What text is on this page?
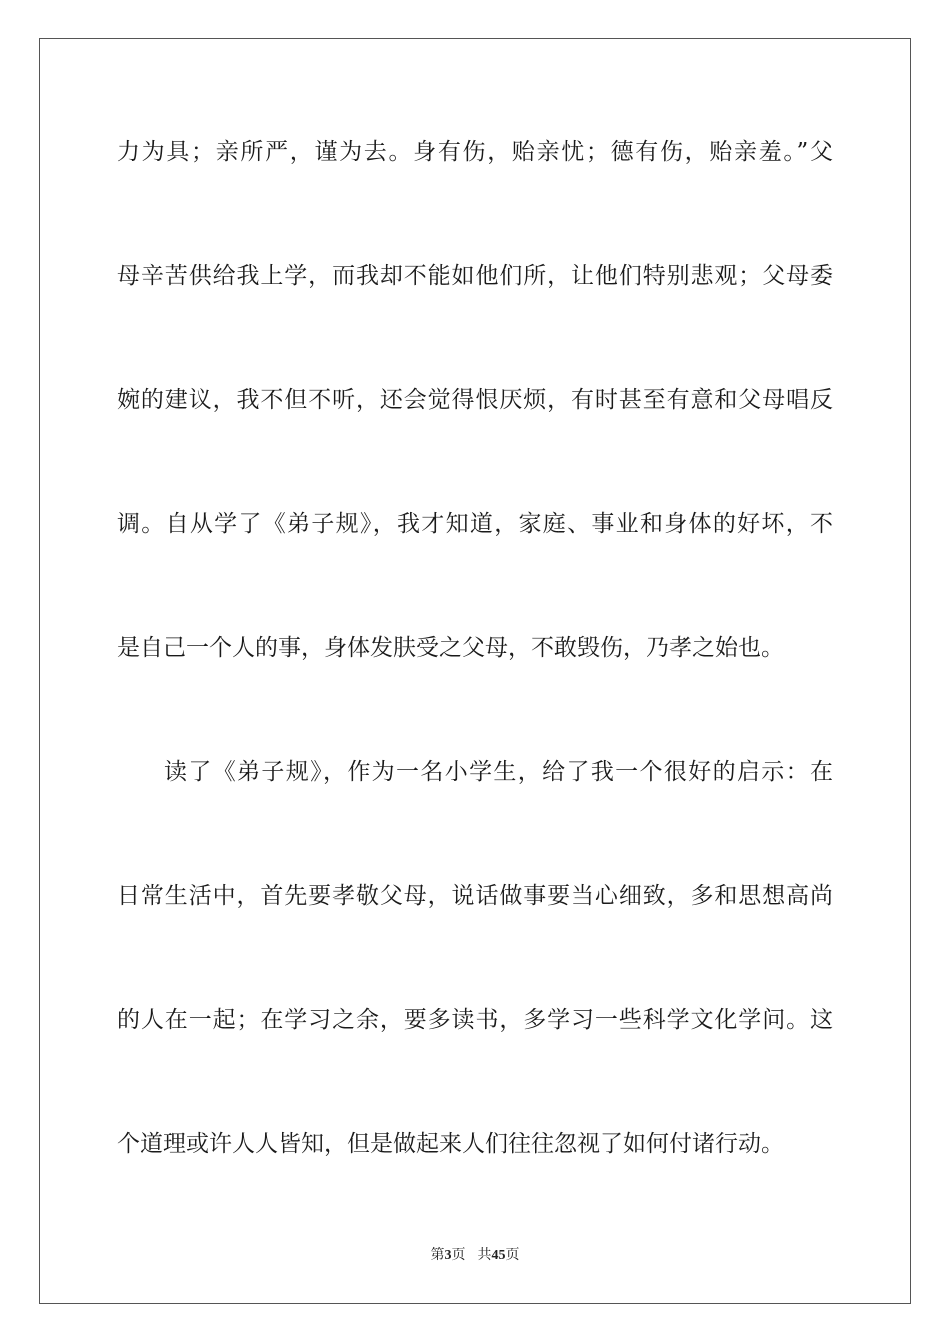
力为具；亲所严，谨为去。身有伤，贻亲忧；德有伤，贻亲羞。”父
母辛苦供给我上学，而我却不能如他们所，让他们特别悲观；父母委
婉的建议，我不但不听，还会觉得恨厌烦，有时甚至有意和父母唱反
调。自从学了《弟子规》，我才知道，家庭、事业和身体的好坏，不
是自己一个人的事，身体发肤受之父母，不敢毁伤，乃孝之始也。
读了《弟子规》，作为一名小学生，给了我一个很好的启示：在
日常生活中，首先要孝敬父母，说话做事要当心细致，多和思想高尚
的人在一起；在学习之余，要多读书，多学习一些科学文化学问。这
个道理或许人人皆知，但是做起来人们往往忽视了如何付诸行动。
第3页 共45页
